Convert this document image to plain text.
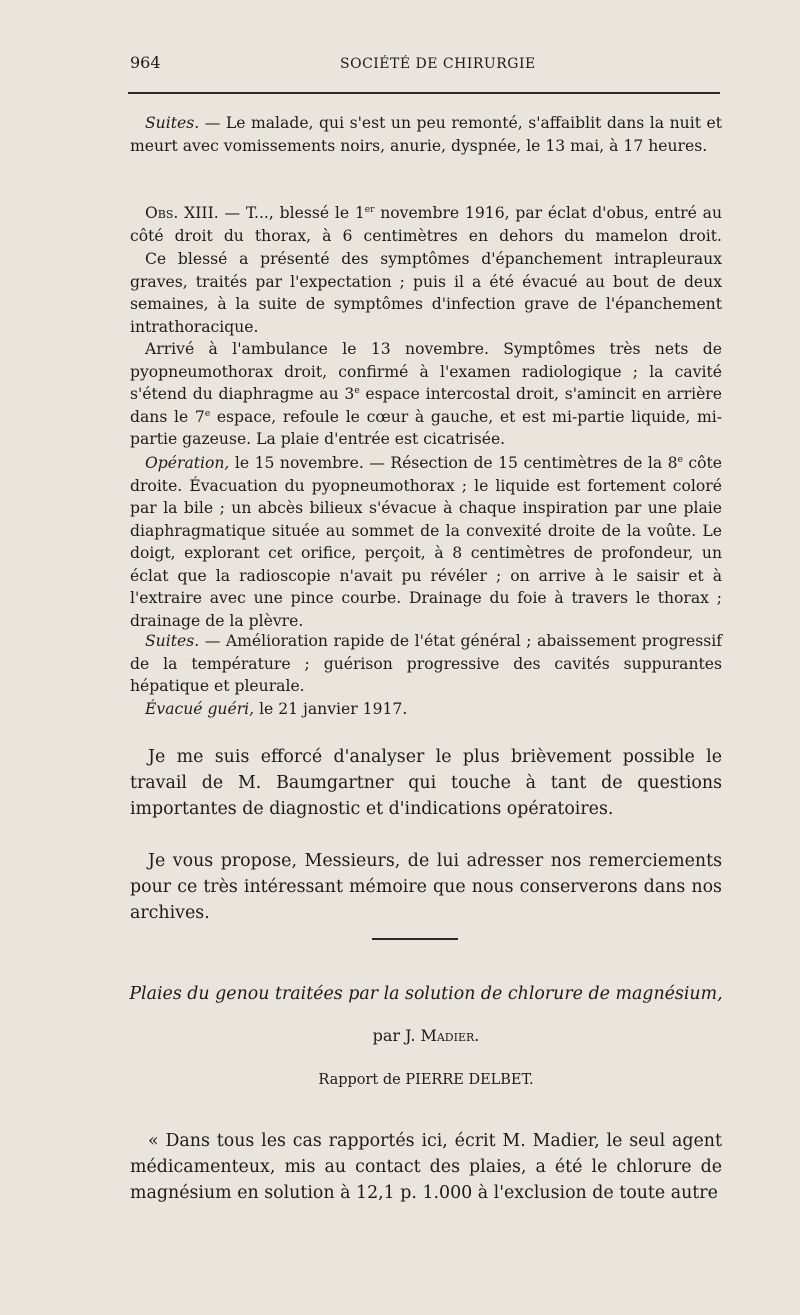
964	SOCIÉTÉ DE CHIRURGIE
Suites. — Le malade, qui s'est un peu remonté, s'affaiblit dans la nuit et meurt avec vomissements noirs, anurie, dyspnée, le 13 mai, à 17 heures.
Obs. XIII. — T..., blessé le 1er novembre 1916, par éclat d'obus, entré au côté droit du thorax, à 6 centimètres en dehors du mamelon droit.
Ce blessé a présenté des symptômes d'épanchement intrapleuraux graves, traités par l'expectation ; puis il a été évacué au bout de deux semaines, à la suite de symptômes d'infection grave de l'épanchement intrathoracique.
Arrivé à l'ambulance le 13 novembre. Symptômes très nets de pyopneumothorax droit, confirmé à l'examen radiologique ; la cavité s'étend du diaphragme au 3e espace intercostal droit, s'amincit en arrière dans le 7e espace, refoule le cœur à gauche, et est mi-partie liquide, mi-partie gazeuse. La plaie d'entrée est cicatrisée.
Opération, le 15 novembre. — Résection de 15 centimètres de la 8e côte droite. Évacuation du pyopneumothorax ; le liquide est fortement coloré par la bile ; un abcès bilieux s'évacue à chaque inspiration par une plaie diaphragmatique située au sommet de la convexité droite de la voûte. Le doigt, explorant cet orifice, perçoit, à 8 centimètres de profondeur, un éclat que la radioscopie n'avait pu révéler ; on arrive à le saisir et à l'extraire avec une pince courbe. Drainage du foie à travers le thorax ; drainage de la plèvre.
Suites. — Amélioration rapide de l'état général ; abaissement progressif de la température ; guérison progressive des cavités suppurantes hépatique et pleurale.
Évacué guéri, le 21 janvier 1917.
Je me suis efforcé d'analyser le plus brièvement possible le travail de M. Baumgartner qui touche à tant de questions importantes de diagnostic et d'indications opératoires.
Je vous propose, Messieurs, de lui adresser nos remerciements pour ce très intéressant mémoire que nous conserverons dans nos archives.
Plaies du genou traitées par la solution de chlorure de magnésium,
par J. Madier.
Rapport de PIERRE DELBET.
« Dans tous les cas rapportés ici, écrit M. Madier, le seul agent médicamenteux, mis au contact des plaies, a été le chlorure de magnésium en solution à 12,1 p. 1.000 à l'exclusion de toute autre
